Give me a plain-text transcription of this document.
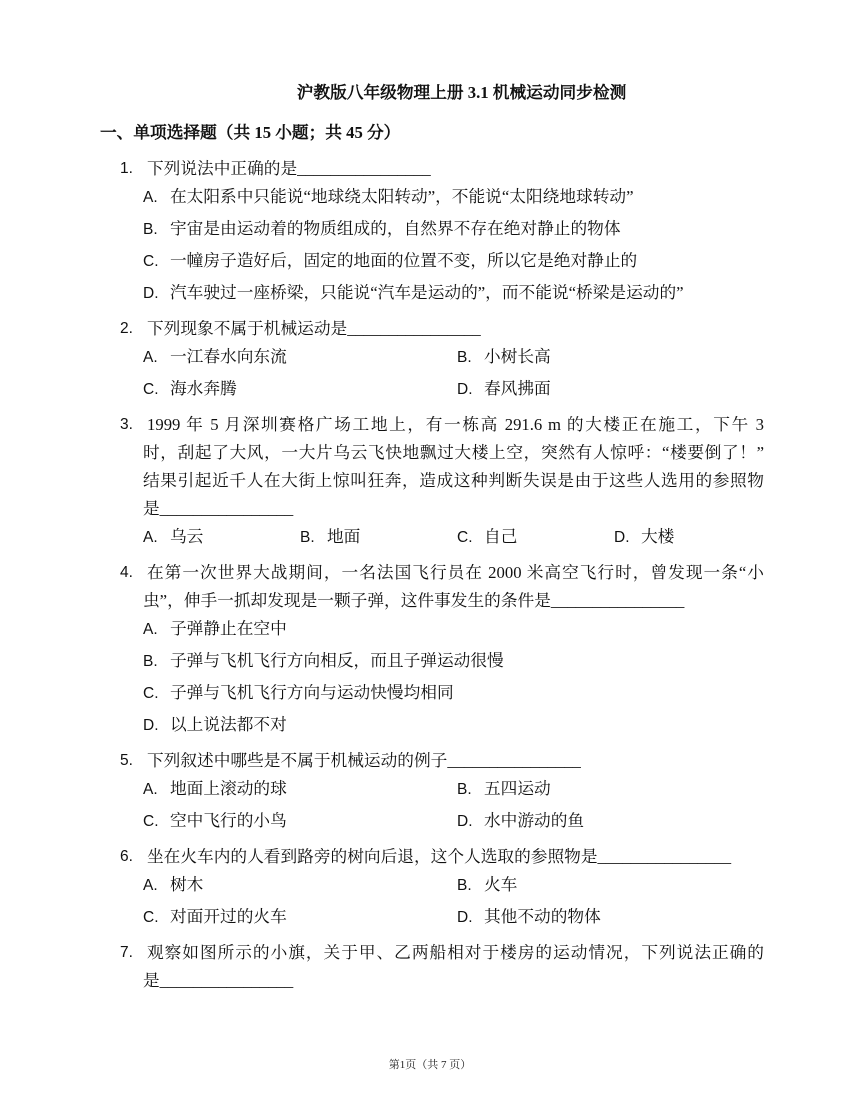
沪教版八年级物理上册 3.1 机械运动同步检测
一、单项选择题（共 15 小题；共 45 分）
1. 下列说法中正确的是________________
A. 在太阳系中只能说“地球绕太阳转动”，不能说“太阳绕地球转动”
B. 宇宙是由运动着的物质组成的，自然界不存在绝对静止的物体
C. 一幢房子造好后，固定的地面的位置不变，所以它是绝对静止的
D. 汽车驶过一座桥梁，只能说“汽车是运动的”，而不能说“桥梁是运动的”
2. 下列现象不属于机械运动是________________
A. 一江春水向东流	B. 小树长高
C. 海水奔腾	D. 春风拂面
3. 1999 年 5 月深圳赛格广场工地上，有一栋高 291.6 m 的大楼正在施工，下午 3
时，刮起了大风，一大片乌云飞快地飘过大楼上空，突然有人惊呼：“楼要倒了！”
结果引起近千人在大街上惊叫狂奔，造成这种判断失误是由于这些人选用的参照物
是________________
A. 乌云	B. 地面	C. 自己	D. 大楼
4. 在第一次世界大战期间，一名法国飞行员在 2000 米高空飞行时，曾发现一条“小
虫”，伸手一抓却发现是一颗子弹，这件事发生的条件是________________
A. 子弹静止在空中
B. 子弹与飞机飞行方向相反，而且子弹运动很慢
C. 子弹与飞机飞行方向与运动快慢均相同
D. 以上说法都不对
5. 下列叙述中哪些是不属于机械运动的例子________________
A. 地面上滚动的球	B. 五四运动
C. 空中飞行的小鸟	D. 水中游动的鱼
6. 坐在火车内的人看到路旁的树向后退，这个人选取的参照物是________________
A. 树木	B. 火车
C. 对面开过的火车	D. 其他不动的物体
7. 观察如图所示的小旗，关于甲、乙两船相对于楼房的运动情况，下列说法正确的
是________________
第1页（共 7 页）
